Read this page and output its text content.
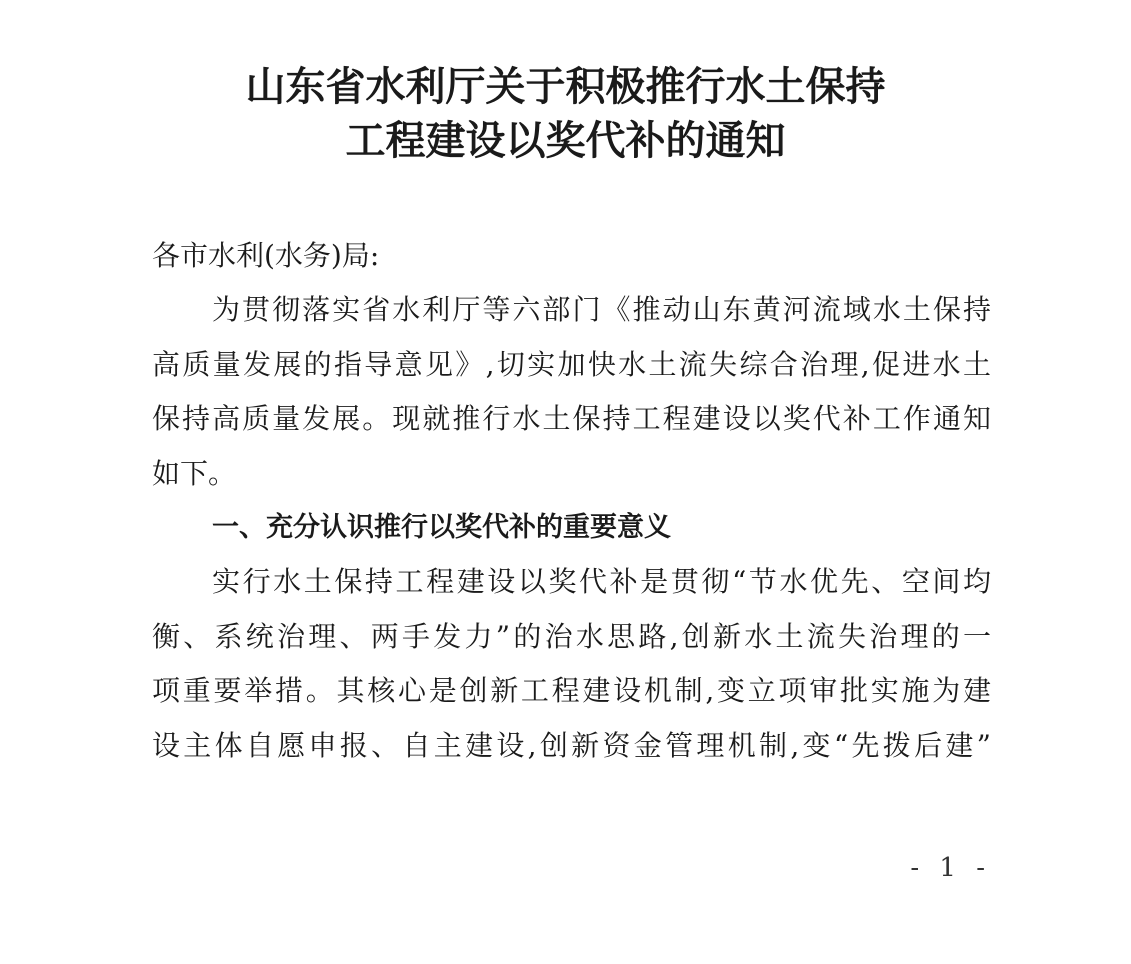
山东省水利厅关于积极推行水土保持
工程建设以奖代补的通知
各市水利(水务)局:
为贯彻落实省水利厅等六部门《推动山东黄河流域水土保持
高质量发展的指导意见》,切实加快水土流失综合治理,促进水土
保持高质量发展。现就推行水土保持工程建设以奖代补工作通知
如下。
一、充分认识推行以奖代补的重要意义
实行水土保持工程建设以奖代补是贯彻“节水优先、空间均
衡、系统治理、两手发力”的治水思路,创新水土流失治理的一
项重要举措。其核心是创新工程建设机制,变立项审批实施为建
设主体自愿申报、自主建设,创新资金管理机制,变“先拨后建”
- 1 -
